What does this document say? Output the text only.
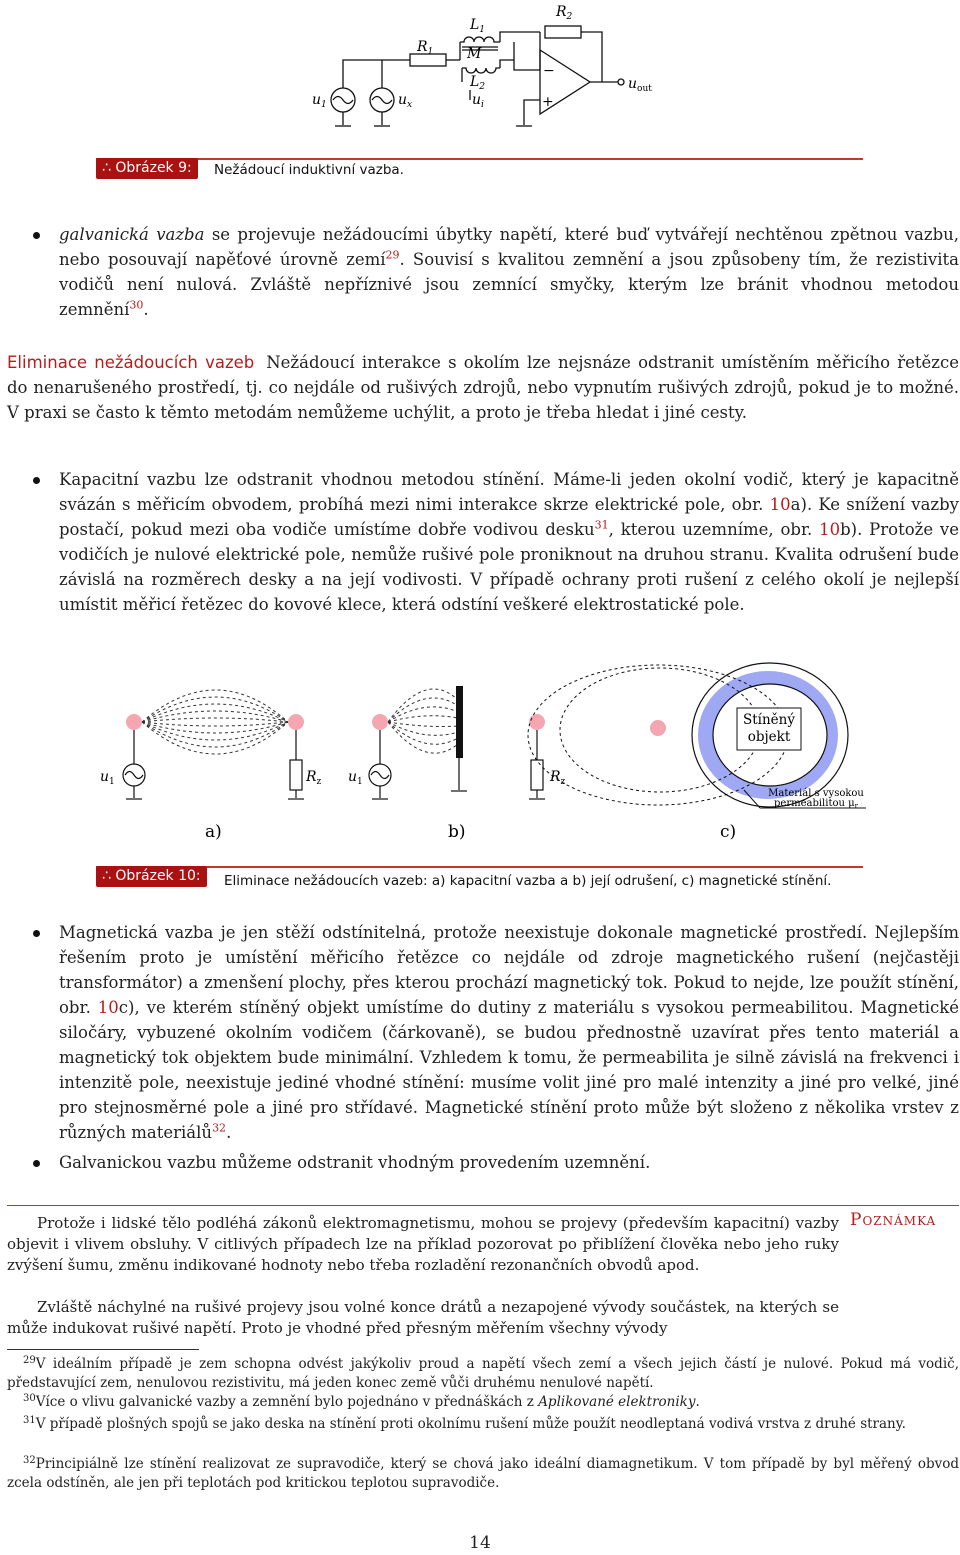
$L_1$
$R_2$
$R_1$ M
$L_2$
$u_i$
$u_1$	$u_x$
$u_{out}$
−
+
∴ Obrázek 9:	Nežádoucí induktivní vazba.
galvanická vazba se projevuje nežádoucími úbytky napětí, které buď vytvářejí nechtěnou zpětnou vazbu, nebo posouvají napěťové úrovně zemí$^{29}$. Souvisí s kvalitou zemnění a jsou způsobeny tím, že rezistivita vodičů není nulová. Zvláště nepříznivé jsou zemnící smyčky, kterým lze bránit vhodnou metodou zemnění$^{30}$.
Eliminace nežádoucích vazeb Nežádoucí interakce s okolím lze nejsnáze odstranit umístěním měřicího řetězce do nenarušeného prostředí, tj. co nejdále od rušivých zdrojů, nebo vypnutím rušivých zdrojů, pokud je to možné. V praxi se často k těmto metodám nemůžeme uchýlit, a proto je třeba hledat i jiné cesty.
Kapacitní vazbu lze odstranit vhodnou metodou stínění. Máme-li jeden okolní vodič, který je kapacitně svázán s měřicím obvodem, probíhá mezi nimi interakce skrze elektrické pole, obr. 10a). Ke snížení vazby postačí, pokud mezi oba vodiče umístíme dobře vodivou desku$^{31}$, kterou uzemníme, obr. 10b). Protože ve vodičích je nulové elektrické pole, nemůže rušivé pole proniknout na druhou stranu. Kvalita odrušení bude závislá na rozměrech desky a na její vodivosti. V případě ochrany proti rušení z celého okolí je nejlepší umístit měřicí řetězec do kovové klece, která odstíní veškeré elektrostatické pole.
$u_1$	$R_z$
a)
$u_1$	$R_z$
b)
Stíněný
objekt
Materiál s vysokou
permeabilitou $\mu_r$
c)
∴ Obrázek 10:	Eliminace nežádoucích vazeb: a) kapacitní vazba a b) její odrušení, c) magnetické stínění.
Magnetická vazba je jen stěží odstínitelná, protože neexistuje dokonale magnetické prostředí. Nejlepším řešením proto je umístění měřicího řetězce co nejdále od zdroje magnetického rušení (nejčastěji transformátor) a zmenšení plochy, přes kterou prochází magnetický tok. Pokud to nejde, lze použít stínění, obr. 10c), ve kterém stíněný objekt umístíme do dutiny z materiálu s vysokou permeabilitou. Magnetické siločáry, vybuzené okolním vodičem (čárkovaně), se budou přednostně uzavírat přes tento materiál a magnetický tok objektem bude minimální. Vzhledem k tomu, že permeabilita je silně závislá na frekvenci i intenzitě pole, neexistuje jediné vhodné stínění: musíme volit jiné pro malé intenzity a jiné pro velké, jiné pro stejnosměrné pole a jiné pro střídavé. Magnetické stínění proto může být složeno z několika vrstev z různých materiálů$^{32}$.
Galvanickou vazbu můžeme odstranit vhodným provedením uzemnění.
Poznámka
Protože i lidské tělo podléhá zákonů elektromagnetismu, mohou se projevy (především kapacitní) vazby objevit i vlivem obsluhy. V citlivých případech lze na příklad pozorovat po přiblížení člověka nebo jeho ruky zvýšení šumu, změnu indikované hodnoty nebo třeba rozladění rezonančních obvodů apod.
Zvláště náchylné na rušivé projevy jsou volné konce drátů a nezapojené vývody součástek, na kterých se může indukovat rušivé napětí. Proto je vhodné před přesným měřením všechny vývody
$^{29}$V ideálním případě je zem schopna odvést jakýkoliv proud a napětí všech zemí a všech jejich částí je nulové. Pokud má vodič, představující zem, nenulovou rezistivitu, má jeden konec země vůči druhému nenulové napětí.
$^{30}$Více o vlivu galvanické vazby a zemnění bylo pojednáno v přednáškách z Aplikované elektroniky.
$^{31}$V případě plošných spojů se jako deska na stínění proti okolnímu rušení může použít neodleptaná vodivá vrstva z druhé strany.
$^{32}$Principiálně lze stínění realizovat ze supravodiče, který se chová jako ideální diamagnetikum. V tom případě by byl měřený obvod zcela odstíněn, ale jen při teplotách pod kritickou teplotou supravodiče.
14
